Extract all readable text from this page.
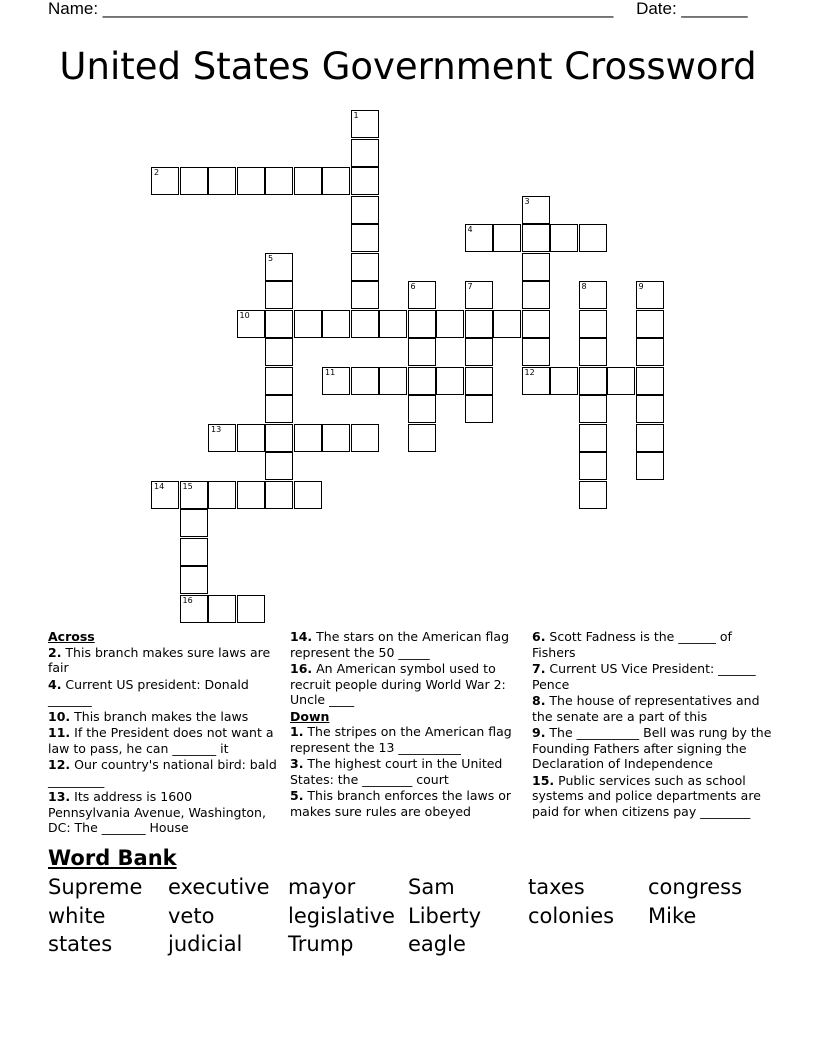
Name: ______________________________________________________ Date: _______
United States Government Crossword
1
2
3
12
4
5
6	7	8	9
10
11
13
14 15
16
Across
2. This branch makes sure laws are fair
4. Current US president: Donald _______
10. This branch makes the laws
11. If the President does not want a law to pass, he can _______ it
12. Our country's national bird: bald _________
13. Its address is 1600 Pennsylvania Avenue, Washington, DC: The _______ House
14. The stars on the American flag represent the 50 _____
16. An American symbol used to recruit people during World War 2: Uncle ____
Down
1. The stripes on the American flag represent the 13 __________
3. The highest court in the United States: the ________ court
5. This branch enforces the laws or makes sure rules are obeyed
6. Scott Fadness is the ______ of Fishers
7. Current US Vice President: ______ Pence
8. The house of representatives and the senate are a part of this
9. The __________ Bell was rung by the Founding Fathers after signing the Declaration of Independence
15. Public services such as school systems and police departments are paid for when citizens pay ________
Word Bank
Supreme	executive mayor	Sam	taxes	congress
white	veto	legislative Liberty	colonies	Mike
states	judicial	Trump	eagle
